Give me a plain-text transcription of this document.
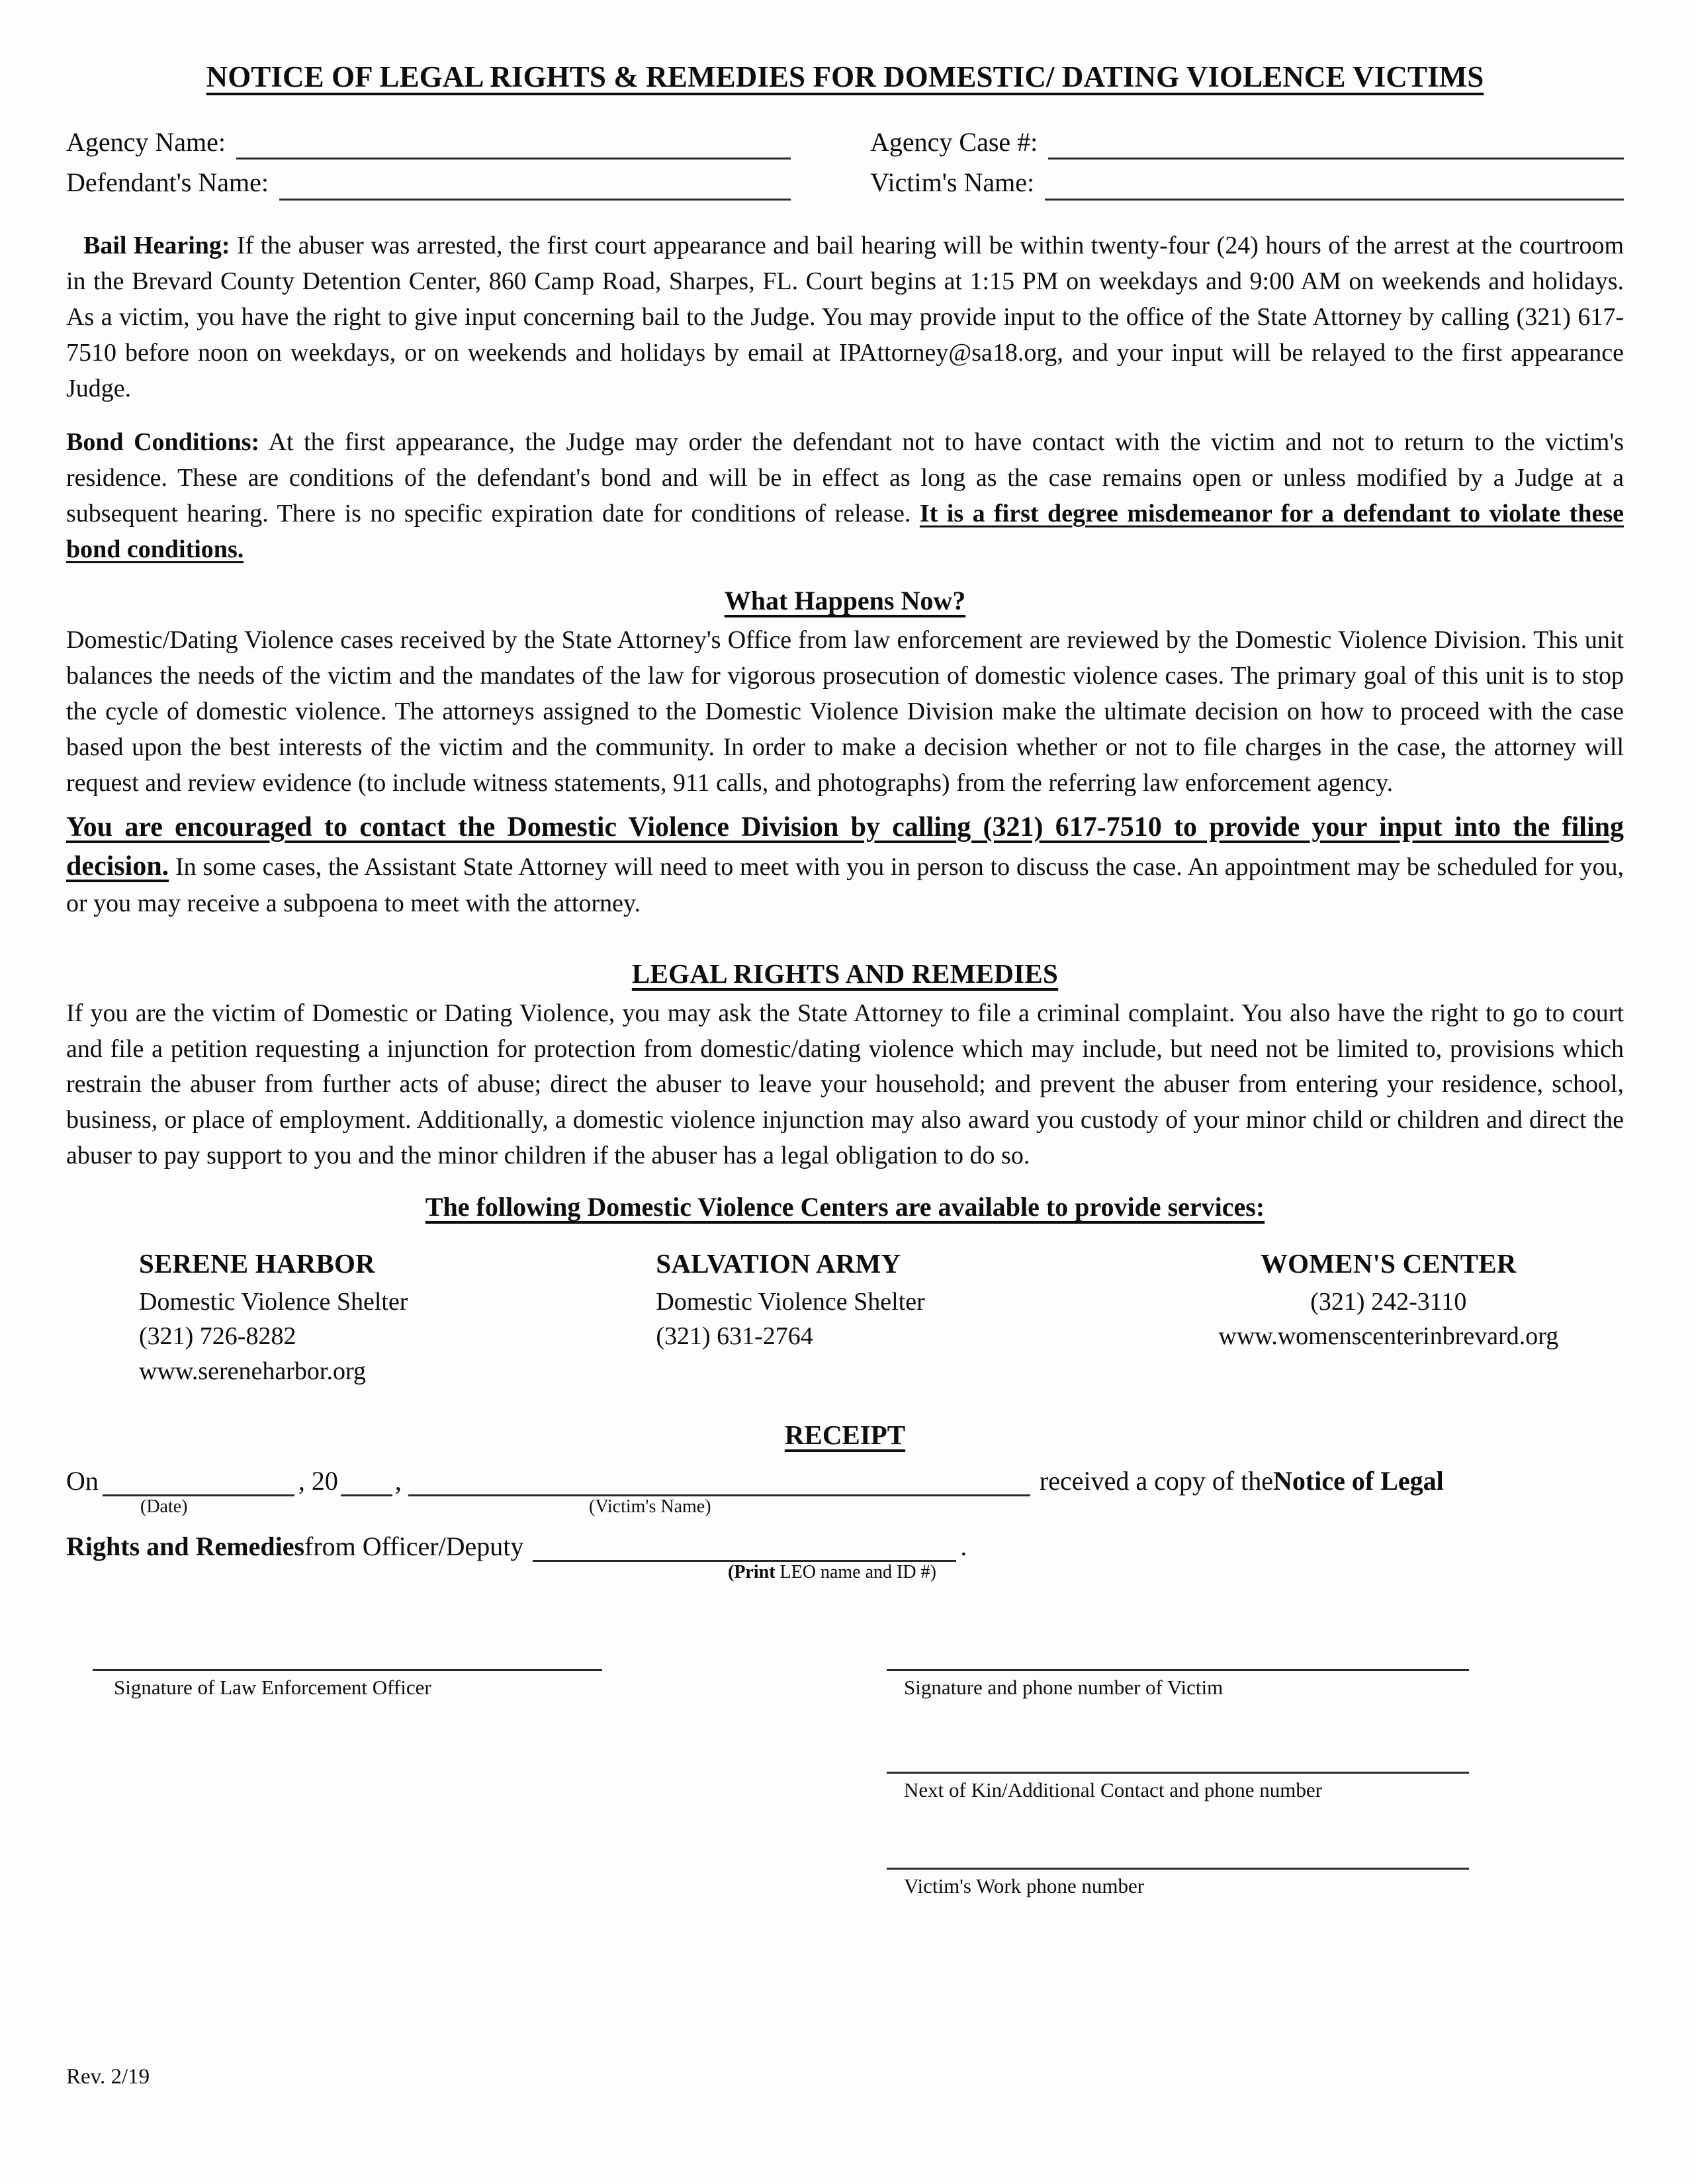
NOTICE OF LEGAL RIGHTS & REMEDIES FOR DOMESTIC/ DATING VIOLENCE VICTIMS
Agency Name:
Defendant's Name:
Agency Case #:
Victim's Name:

Bail Hearing: If the abuser was arrested, the first court appearance and bail hearing will be within twenty-four (24) hours of the arrest at the courtroom in the Brevard County Detention Center, 860 Camp Road, Sharpes, FL. Court begins at 1:15 PM on weekdays and 9:00 AM on weekends and holidays. As a victim, you have the right to give input concerning bail to the Judge. You may provide input to the office of the State Attorney by calling (321) 617-7510 before noon on weekdays, or on weekends and holidays by email at IPAttorney@sa18.org, and your input will be relayed to the first appearance Judge.

Bond Conditions: At the first appearance, the Judge may order the defendant not to have contact with the victim and not to return to the victim's residence. These are conditions of the defendant's bond and will be in effect as long as the case remains open or unless modified by a Judge at a subsequent hearing. There is no specific expiration date for conditions of release. It is a first degree misdemeanor for a defendant to violate these bond conditions.

What Happens Now?

Domestic/Dating Violence cases received by the State Attorney's Office from law enforcement are reviewed by the Domestic Violence Division. This unit balances the needs of the victim and the mandates of the law for vigorous prosecution of domestic violence cases. The primary goal of this unit is to stop the cycle of domestic violence. The attorneys assigned to the Domestic Violence Division make the ultimate decision on how to proceed with the case based upon the best interests of the victim and the community. In order to make a decision whether or not to file charges in the case, the attorney will request and review evidence (to include witness statements, 911 calls, and photographs) from the referring law enforcement agency.

You are encouraged to contact the Domestic Violence Division by calling (321) 617-7510 to provide your input into the filing decision. In some cases, the Assistant State Attorney will need to meet with you in person to discuss the case. An appointment may be scheduled for you, or you may receive a subpoena to meet with the attorney.

LEGAL RIGHTS AND REMEDIES

If you are the victim of Domestic or Dating Violence, you may ask the State Attorney to file a criminal complaint. You also have the right to go to court and file a petition requesting a injunction for protection from domestic/dating violence which may include, but need not be limited to, provisions which restrain the abuser from further acts of abuse; direct the abuser to leave your household; and prevent the abuser from entering your residence, school, business, or place of employment. Additionally, a domestic violence injunction may also award you custody of your minor child or children and direct the abuser to pay support to you and the minor children if the abuser has a legal obligation to do so.

The following Domestic Violence Centers are available to provide services:
SERENE HARBOR
Domestic Violence Shelter
(321) 726-8282
www.sereneharbor.org
SALVATION ARMY
Domestic Violence Shelter
(321) 631-2764
WOMEN'S CENTER
(321) 242-3110
www.womenscenterinbrevard.org
RECEIPT
On	, 20 ,	received a copy of the Notice of Legal
(Date)	(Victim's Name)
Rights and Remedies from Officer/Deputy	.
(Print LEO name and ID #)
Signature of Law Enforcement Officer	Signature and phone number of Victim
Next of Kin/Additional Contact and phone number
Victim's Work phone number
Rev. 2/19
